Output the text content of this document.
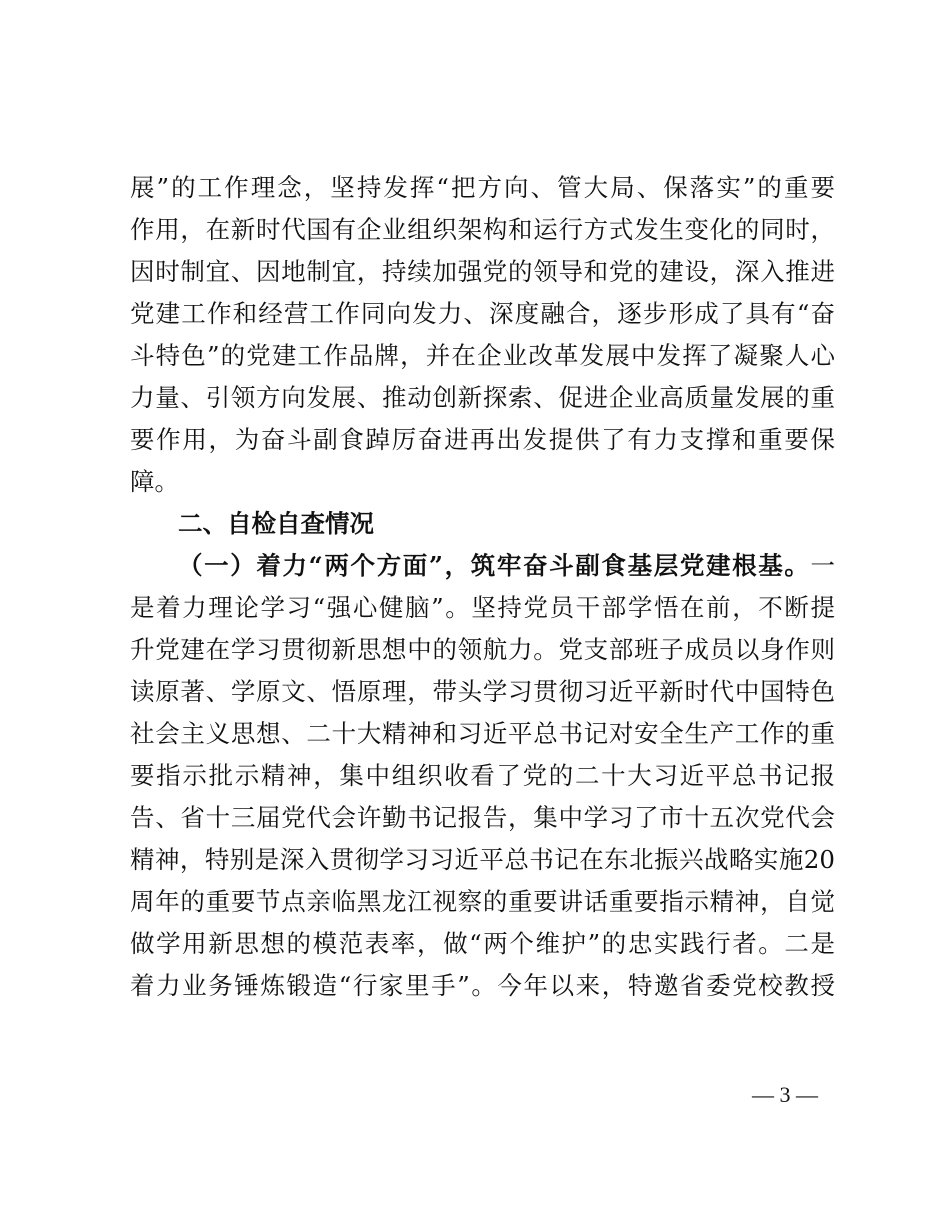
展”的工作理念，坚持发挥“把方向、管大局、保落实”的重要
作用，在新时代国有企业组织架构和运行方式发生变化的同时，
因时制宜、因地制宜，持续加强党的领导和党的建设，深入推进
党建工作和经营工作同向发力、深度融合，逐步形成了具有“奋
斗特色”的党建工作品牌，并在企业改革发展中发挥了凝聚人心
力量、引领方向发展、推动创新探索、促进企业高质量发展的重
要作用，为奋斗副食踔厉奋进再出发提供了有力支撑和重要保
障。
二、自检自查情况
（一）着力“两个方面”，筑牢奋斗副食基层党建根基。一
是着力理论学习“强心健脑”。坚持党员干部学悟在前，不断提
升党建在学习贯彻新思想中的领航力。党支部班子成员以身作则
读原著、学原文、悟原理，带头学习贯彻习近平新时代中国特色
社会主义思想、二十大精神和习近平总书记对安全生产工作的重
要指示批示精神，集中组织收看了党的二十大习近平总书记报
告、省十三届党代会许勤书记报告，集中学习了市十五次党代会
精神，特别是深入贯彻学习习近平总书记在东北振兴战略实施20
周年的重要节点亲临黑龙江视察的重要讲话重要指示精神，自觉
做学用新思想的模范表率，做“两个维护”的忠实践行者。二是
着力业务锤炼锻造“行家里手”。今年以来，特邀省委党校教授
— 3 —
